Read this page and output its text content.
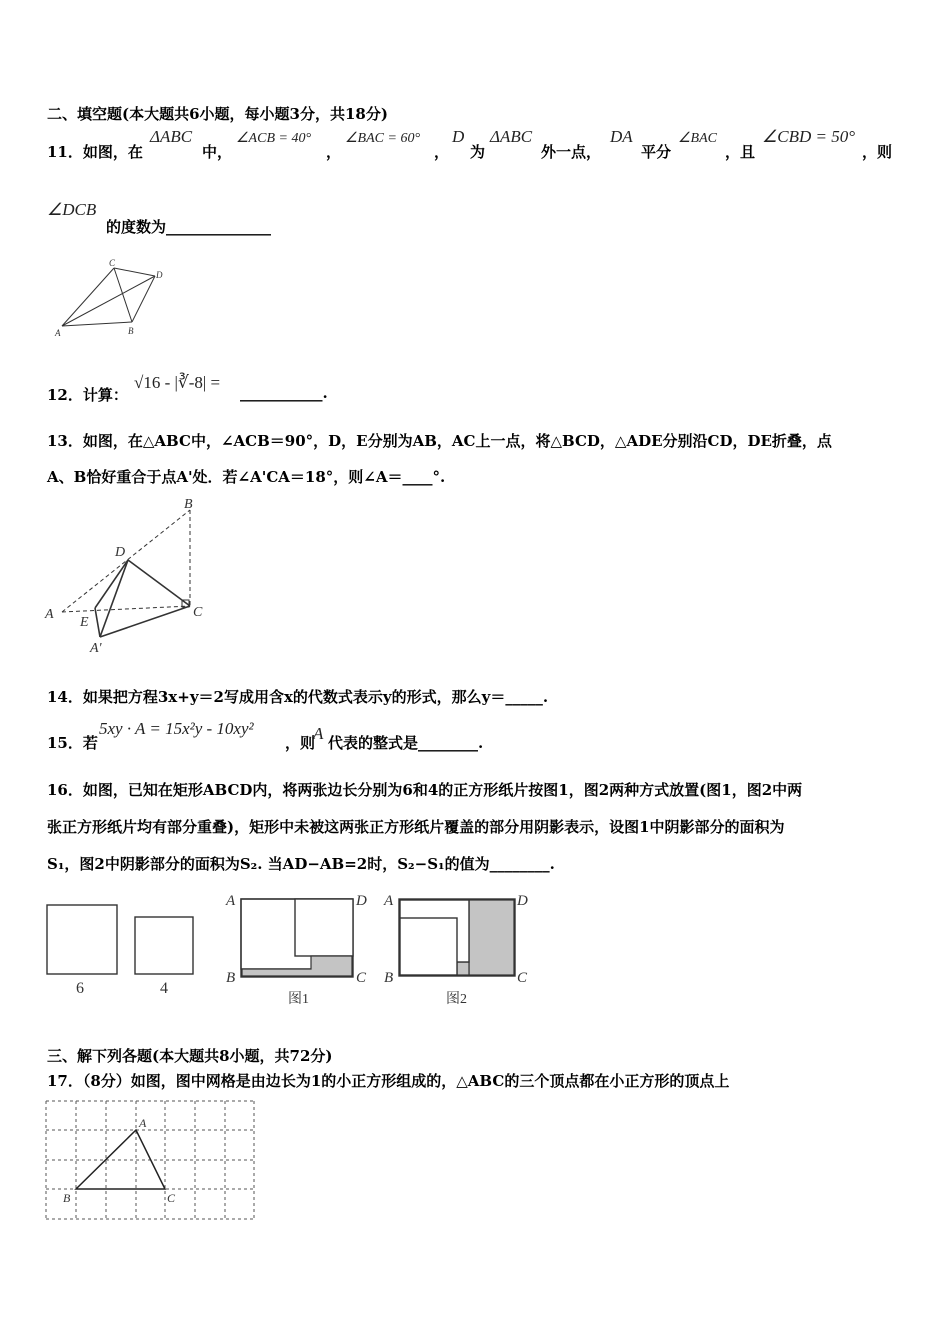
二、填空题(本大题共6小题，每小题3分，共18分)
11．如图，在
ΔABC
中，
∠ACB = 40°
，
∠BAC = 60°
，
D
为
ΔABC
外一点，
DA
平分
∠BAC
，且
∠CBD = 50°
，则
∠DCB
的度数为______________
A	B
C
D
12．计算：
√16 - |∛-8| =
___________.
13．如图，在△ABC中，∠ACB＝90°，D，E分别为AB，AC上一点，将△BCD，△ADE分别沿CD，DE折叠，点
A、B恰好重合于点A'处．若∠A'CA＝18°，则∠A＝____°.
A
B
C
D
E
A'
14．如果把方程3x+y＝2写成用含x的代数式表示y的形式，那么y＝_____.
15．若
5xy · A = 15x²y - 10xy²
，则
A 代表的整式是________.
16．如图，已知在矩形ABCD内，将两张边长分别为6和4的正方形纸片按图1，图2两种方式放置(图1，图2中两
张正方形纸片均有部分重叠)，矩形中未被这两张正方形纸片覆盖的部分用阴影表示，设图1中阴影部分的面积为
S₁，图2中阴影部分的面积为S₂. 当AD−AB=2时，S₂−S₁的值为________.
6	4
图1	图2
A	D
B	C
A	D
B	C
三、解下列各题(本大题共8小题，共72分)
17．（8分）如图，图中网格是由边长为1的小正方形组成的，△ABC的三个顶点都在小正方形的顶点上
A
B	C
